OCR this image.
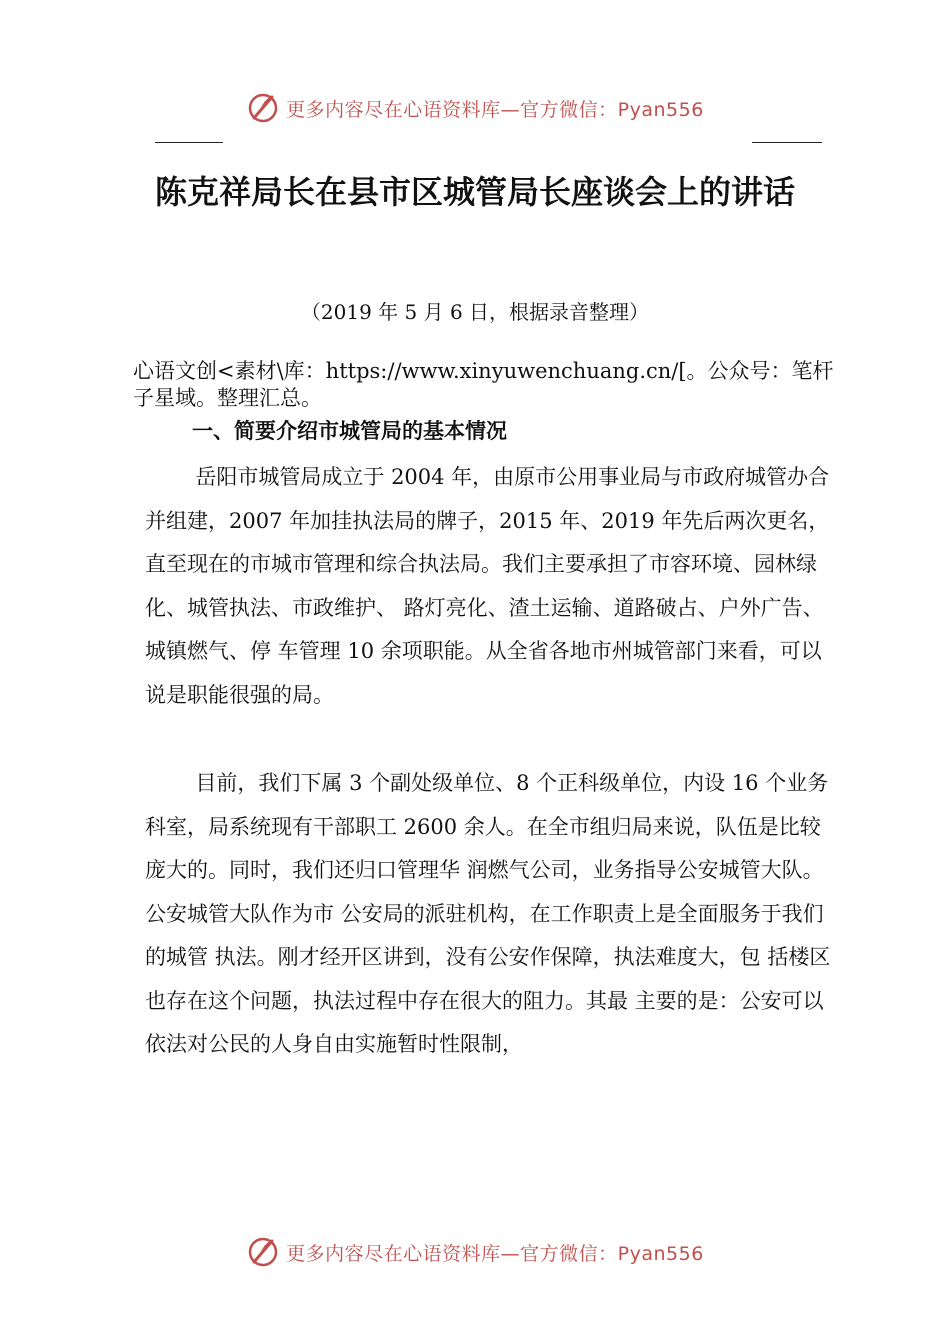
更多内容尽在心语资料库—官方微信：Pyan556
陈克祥局长在县市区城管局长座谈会上的讲话
（2019 年 5 月 6 日，根据录音整理）

心语文创<素材\库：https://www.xinyuwenchuang.cn/[。公众号：笔杆子星域。整理汇总。

一、简要介绍市城管局的基本情况

岳阳市城管局成立于 2004 年，由原市公用事业局与市政府城管办合并组建，2007 年加挂执法局的牌子，2015 年、2019 年先后两次更名，直至现在的市城市管理和综合执法局。我们主要承担了市容环境、园林绿化、城管执法、市政维护、 路灯亮化、渣土运输、道路破占、户外广告、城镇燃气、停 车管理 10 余项职能。从全省各地市州城管部门来看，可以说是职能很强的局。

目前，我们下属 3 个副处级单位、8 个正科级单位，内设 16 个业务科室，局系统现有干部职工 2600 余人。在全市组归局来说，队伍是比较庞大的。同时，我们还归口管理华 润燃气公司，业务指导公安城管大队。公安城管大队作为市 公安局的派驻机构，在工作职责上是全面服务于我们的城管 执法。刚才经开区讲到，没有公安作保障，执法难度大，包 括楼区也存在这个问题，执法过程中存在很大的阻力。其最 主要的是：公安可以依法对公民的人身自由实施暂时性限制，

更多内容尽在心语资料库—官方微信：Pyan556
